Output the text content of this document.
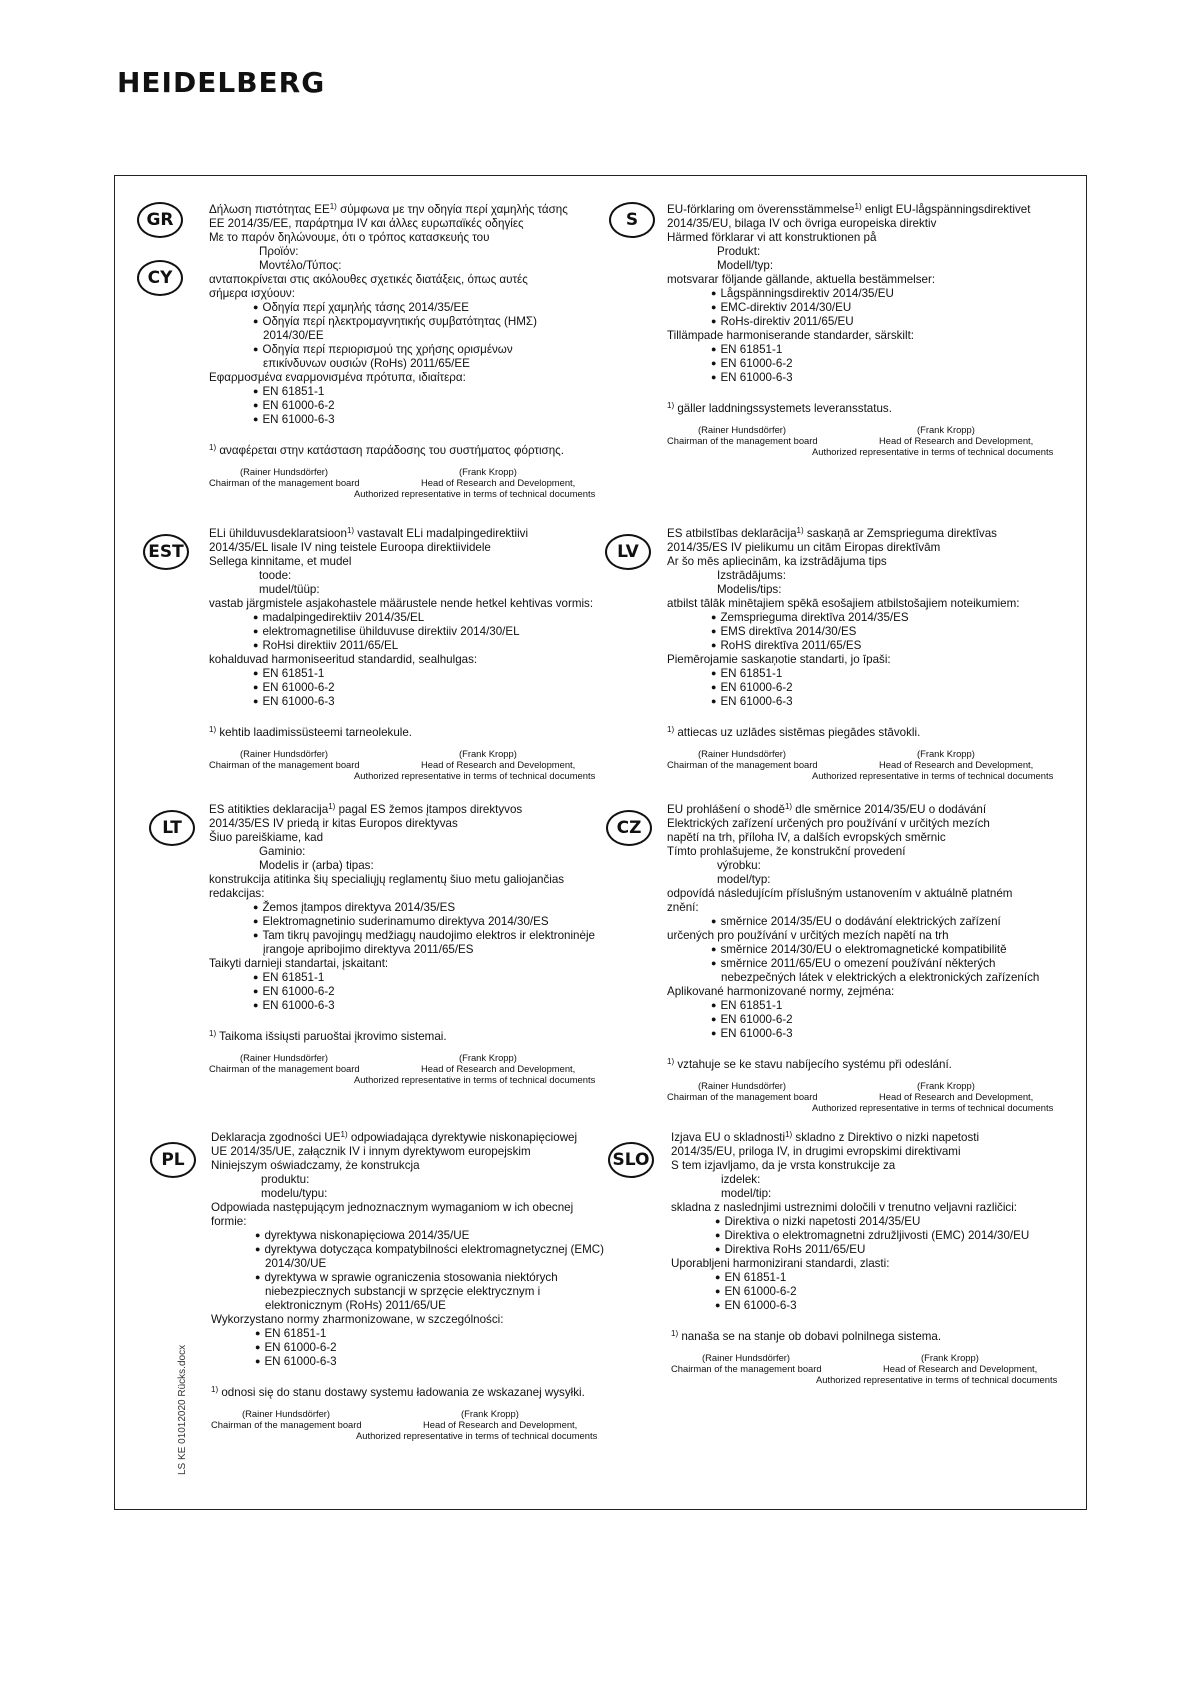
HEIDELBERG
LS KE 01012020 Rücks.docx
GR
CY
Δήλωση πιστότητας ΕΕ$^{1)}$ σύμφωνα με την οδηγία περί χαμηλής τάσης
ΕΕ 2014/35/ΕΕ, παράρτημα IV και άλλες ευρωπαϊκές οδηγίες
Με το παρόν δηλώνουμε, ότι ο τρόπος κατασκευής του
Προϊόν:
Μοντέλο/Τύπος:
ανταποκρίνεται στις ακόλουθες σχετικές διατάξεις, όπως αυτές
σήμερα ισχύουν:
● Οδηγία περί χαμηλής τάσης 2014/35/ΕΕ
● Οδηγία περί ηλεκτρομαγνητικής συμβατότητας (ΗΜΣ)
2014/30/ΕΕ
● Οδηγία περί περιορισμού της χρήσης ορισμένων
επικίνδυνων ουσιών (RoHs) 2011/65/ΕΕ
Εφαρμοσμένα εναρμονισμένα πρότυπα, ιδιαίτερα:
● EN 61851-1
● EN 61000-6-2
● EN 61000-6-3
$^{1)}$ αναφέρεται στην κατάσταση παράδοσης του συστήματος φόρτισης.
(Rainer Hundsdörfer)
Chairman of the management board
(Frank Kropp)
Head of Research and Development,
Authorized representative in terms of technical documents
S
EU-förklaring om överensstämmelse$^{1)}$ enligt EU-lågspänningsdirektivet
2014/35/EU, bilaga IV och övriga europeiska direktiv
Härmed förklarar vi att konstruktionen på
Produkt:
Modell/typ:
motsvarar följande gällande, aktuella bestämmelser:
● Lågspänningsdirektiv 2014/35/EU
● EMC-direktiv 2014/30/EU
● RoHs-direktiv 2011/65/EU
Tillämpade harmoniserande standarder, särskilt:
● EN 61851-1
● EN 61000-6-2
● EN 61000-6-3
$^{1)}$ gäller laddningssystemets leveransstatus.
(Rainer Hundsdörfer)
Chairman of the management board
(Frank Kropp)
Head of Research and Development,
Authorized representative in terms of technical documents
EST
ELi ühilduvusdeklaratsioon$^{1)}$ vastavalt ELi madalpingedirektiivi
2014/35/EL lisale IV ning teistele Euroopa direktiividele
Sellega kinnitame, et mudel
toode:
mudel/tüüp:
vastab järgmistele asjakohastele määrustele nende hetkel kehtivas vormis:
● madalpingedirektiiv 2014/35/EL
● elektromagnetilise ühilduvuse direktiiv 2014/30/EL
● RoHsi direktiiv 2011/65/EL
kohalduvad harmoniseeritud standardid, sealhulgas:
● EN 61851-1
● EN 61000-6-2
● EN 61000-6-3
$^{1)}$ kehtib laadimissüsteemi tarneolekule.
(Rainer Hundsdörfer)
Chairman of the management board
(Frank Kropp)
Head of Research and Development,
Authorized representative in terms of technical documents
LV
ES atbilstības deklarācija$^{1)}$ saskaņā ar Zemsprieguma direktīvas
2014/35/ES IV pielikumu un citām Eiropas direktīvām
Ar šo mēs apliecinām, ka izstrādājuma tips
Izstrādājums:
Modelis/tips:
atbilst tālāk minētajiem spēkā esošajiem atbilstošajiem noteikumiem:
● Zemsprieguma direktīva 2014/35/ES
● EMS direktīva 2014/30/ES
● RoHS direktīva 2011/65/ES
Piemērojamie saskaņotie standarti, jo īpaši:
● EN 61851-1
● EN 61000-6-2
● EN 61000-6-3
$^{1)}$ attiecas uz uzlādes sistēmas piegādes stāvokli.
(Rainer Hundsdörfer)
Chairman of the management board
(Frank Kropp)
Head of Research and Development,
Authorized representative in terms of technical documents
LT
ES atitikties deklaracija$^{1)}$ pagal ES žemos įtampos direktyvos
2014/35/ES IV priedą ir kitas Europos direktyvas
Šiuo pareiškiame, kad
Gaminio:
Modelis ir (arba) tipas:
konstrukcija atitinka šių specialiųjų reglamentų šiuo metu galiojančias
redakcijas:
● Žemos įtampos direktyva 2014/35/ES
● Elektromagnetinio suderinamumo direktyva 2014/30/ES
● Tam tikrų pavojingų medžiagų naudojimo elektros ir elektroninėje
įrangoje apribojimo direktyva 2011/65/ES
Taikyti darnieji standartai, įskaitant:
● EN 61851-1
● EN 61000-6-2
● EN 61000-6-3
$^{1)}$ Taikoma išsiųsti paruoštai įkrovimo sistemai.
(Rainer Hundsdörfer)
Chairman of the management board
(Frank Kropp)
Head of Research and Development,
Authorized representative in terms of technical documents
CZ
EU prohlášení o shodě$^{1)}$ dle směrnice 2014/35/EU o dodávání
Elektrických zařízení určených pro používání v určitých mezích
napětí na trh, příloha IV, a dalších evropských směrnic
Tímto prohlašujeme, že konstrukční provedení
výrobku:
model/typ:
odpovídá následujícím příslušným ustanovením v aktuálně platném
znění:
● směrnice 2014/35/EU o dodávání elektrických zařízení
určených pro používání v určitých mezích napětí na trh
● směrnice 2014/30/EU o elektromagnetické kompatibilitě
● směrnice 2011/65/EU o omezení používání některých
nebezpečných látek v elektrických a elektronických zařízeních
Aplikované harmonizované normy, zejména:
● EN 61851-1
● EN 61000-6-2
● EN 61000-6-3
$^{1)}$ vztahuje se ke stavu nabíjecího systému při odeslání.
(Rainer Hundsdörfer)
Chairman of the management board
(Frank Kropp)
Head of Research and Development,
Authorized representative in terms of technical documents
PL
Deklaracja zgodności UE$^{1)}$ odpowiadająca dyrektywie niskonapięciowej
UE 2014/35/UE, załącznik IV i innym dyrektywom europejskim
Niniejszym oświadczamy, że konstrukcja
produktu:
modelu/typu:
Odpowiada następującym jednoznacznym wymaganiom w ich obecnej
formie:
● dyrektywa niskonapięciowa 2014/35/UE
● dyrektywa dotycząca kompatybilności elektromagnetycznej (EMC)
2014/30/UE
● dyrektywa w sprawie ograniczenia stosowania niektórych
niebezpiecznych substancji w sprzęcie elektrycznym i
elektronicznym (RoHs) 2011/65/UE
Wykorzystano normy zharmonizowane, w szczególności:
● EN 61851-1
● EN 61000-6-2
● EN 61000-6-3
$^{1)}$ odnosi się do stanu dostawy systemu ładowania ze wskazanej wysyłki.
(Rainer Hundsdörfer)
Chairman of the management board
(Frank Kropp)
Head of Research and Development,
Authorized representative in terms of technical documents
SLO
Izjava EU o skladnosti$^{1)}$ skladno z Direktivo o nizki napetosti
2014/35/EU, priloga IV, in drugimi evropskimi direktivami
S tem izjavljamo, da je vrsta konstrukcije za
izdelek:
model/tip:
skladna z naslednjimi ustreznimi določili v trenutno veljavni različici:
● Direktiva o nizki napetosti 2014/35/EU
● Direktiva o elektromagnetni združljivosti (EMC) 2014/30/EU
● Direktiva RoHs 2011/65/EU
Uporabljeni harmonizirani standardi, zlasti:
● EN 61851-1
● EN 61000-6-2
● EN 61000-6-3
$^{1)}$ nanaša se na stanje ob dobavi polnilnega sistema.
(Rainer Hundsdörfer)
Chairman of the management board
(Frank Kropp)
Head of Research and Development,
Authorized representative in terms of technical documents
